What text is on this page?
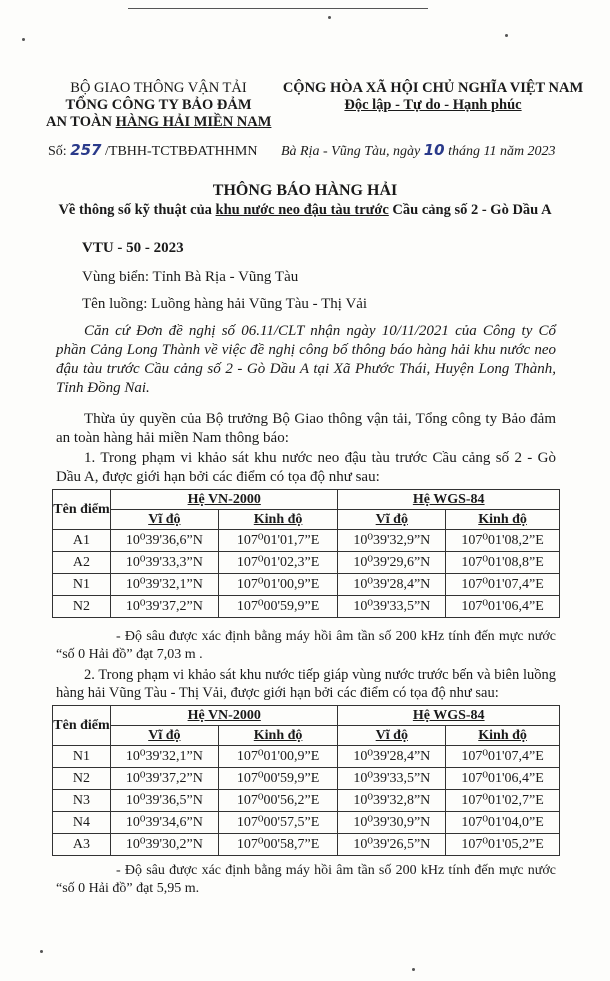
BỘ GIAO THÔNG VẬN TẢI
TỔNG CÔNG TY BẢO ĐẢM
AN TOÀN HÀNG HẢI MIỀN NAM
CỘNG HÒA XÃ HỘI CHỦ NGHĨA VIỆT NAM
Độc lập - Tự do - Hạnh phúc
Số: 257 /TBHH-TCTBĐATHHMN Bà Rịa - Vũng Tàu, ngày 10 tháng 11 năm 2023
THÔNG BÁO HÀNG HẢI
Về thông số kỹ thuật của khu nước neo đậu tàu trước Cầu cảng số 2 - Gò Dầu A
VTU - 50 - 2023
Vùng biển: Tỉnh Bà Rịa - Vũng Tàu
Tên luồng: Luồng hàng hải Vũng Tàu - Thị Vải
Căn cứ Đơn đề nghị số 06.11/CLT nhận ngày 10/11/2021 của Công ty Cổ phần Cảng Long Thành về việc đề nghị công bố thông báo hàng hải khu nước neo đậu tàu trước Cầu cảng số 2 - Gò Dầu A tại Xã Phước Thái, Huyện Long Thành, Tỉnh Đồng Nai.
Thừa ủy quyền của Bộ trưởng Bộ Giao thông vận tải, Tổng công ty Bảo đảm an toàn hàng hải miền Nam thông báo:
1. Trong phạm vi khảo sát khu nước neo đậu tàu trước Cầu cảng số 2 - Gò Dầu A, được giới hạn bởi các điểm có tọa độ như sau:
Tên điểm	Hệ VN-2000		Hệ WGS-84	
	Vĩ độ	Kinh độ	Vĩ độ	Kinh độ
A1	10⁰39'36,6”N	107⁰01'01,7”E	10⁰39'32,9”N	107⁰01'08,2”E
A2	10⁰39'33,3”N	107⁰01'02,3”E	10⁰39'29,6”N	107⁰01'08,8”E
N1	10⁰39'32,1”N	107⁰01'00,9”E	10⁰39'28,4”N	107⁰01'07,4”E
N2	10⁰39'37,2”N	107⁰00'59,9”E	10⁰39'33,5”N	107⁰01'06,4”E
- Độ sâu được xác định bằng máy hồi âm tần số 200 kHz tính đến mực nước “số 0 Hải đồ” đạt 7,03 m .
2. Trong phạm vi khảo sát khu nước tiếp giáp vùng nước trước bến và biên luồng hàng hải Vũng Tàu - Thị Vải, được giới hạn bởi các điểm có tọa độ như sau:
Tên điểm	Hệ VN-2000		Hệ WGS-84	
	Vĩ độ	Kinh độ	Vĩ độ	Kinh độ
N1	10⁰39'32,1”N	107⁰01'00,9”E	10⁰39'28,4”N	107⁰01'07,4”E
N2	10⁰39'37,2”N	107⁰00'59,9”E	10⁰39'33,5”N	107⁰01'06,4”E
N3	10⁰39'36,5”N	107⁰00'56,2”E	10⁰39'32,8”N	107⁰01'02,7”E
N4	10⁰39'34,6”N	107⁰00'57,5”E	10⁰39'30,9”N	107⁰01'04,0”E
A3	10⁰39'30,2”N	107⁰00'58,7”E	10⁰39'26,5”N	107⁰01'05,2”E
- Độ sâu được xác định bằng máy hồi âm tần số 200 kHz tính đến mực nước “số 0 Hải đồ” đạt 5,95 m.
